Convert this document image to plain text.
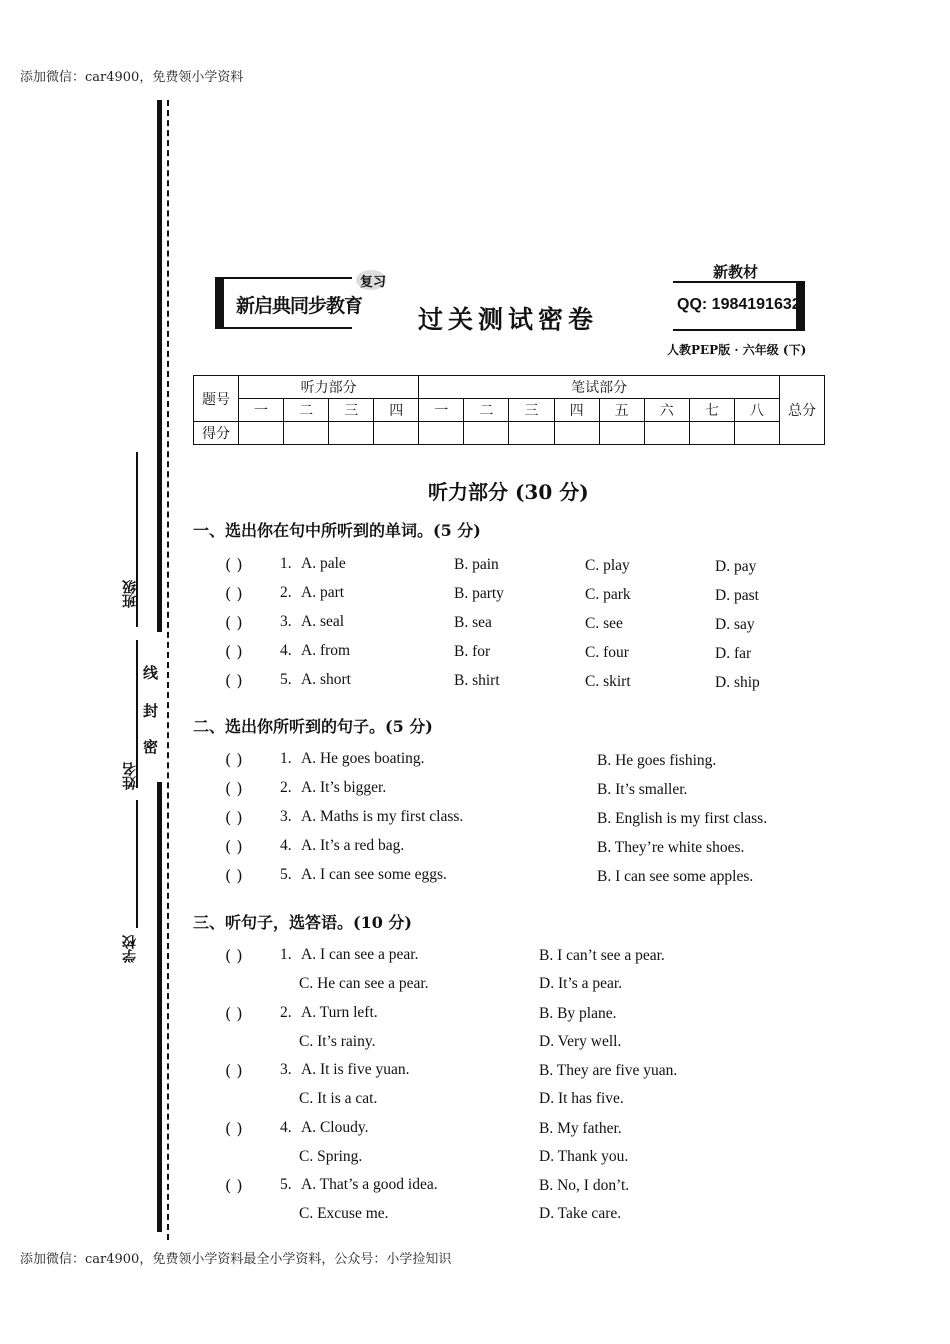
添加微信：car4900，免费领小学资料
添加微信：car4900，免费领小学资料最全小学资料，公众号：小学捡知识
班级
姓名
学校
线
封
密
新启典同步教育
复习
过关测试密卷
新教材
QQ: 1984191632
人教PEP版 · 六年级 (下)
题号	听力部分				笔试部分								总分
	一	二	三	四	一	二	三	四	五	六	七	八	
得分													
听力部分 (30 分)
一、选出你在句中所听到的单词。(5 分)
( ) 1. A. pale	B. pain	C. play	D. pay
( ) 2. A. part	B. party	C. park	D. past
( ) 3. A. seal	B. sea	C. see	D. say
( ) 4. A. from	B. for	C. four	D. far
( ) 5. A. short	B. shirt	C. skirt	D. ship
二、选出你所听到的句子。(5 分)
( ) 1. A. He goes boating.	B. He goes fishing.
( ) 2. A. It’s bigger.	B. It’s smaller.
( ) 3. A. Maths is my first class.	B. English is my first class.
( ) 4. A. It’s a red bag.	B. They’re white shoes.
( ) 5. A. I can see some eggs.	B. I can see some apples.
三、听句子，选答语。(10 分)
( ) 1. A. I can see a pear.	B. I can’t see a pear.
C. He can see a pear.	D. It’s a pear.
( ) 2. A. Turn left.	B. By plane.
C. It’s rainy.	D. Very well.
( ) 3. A. It is five yuan.	B. They are five yuan.
C. It is a cat.	D. It has five.
( ) 4. A. Cloudy.	B. My father.
C. Spring.	D. Thank you.
( ) 5. A. That’s a good idea.	B. No, I don’t.
C. Excuse me.	D. Take care.
